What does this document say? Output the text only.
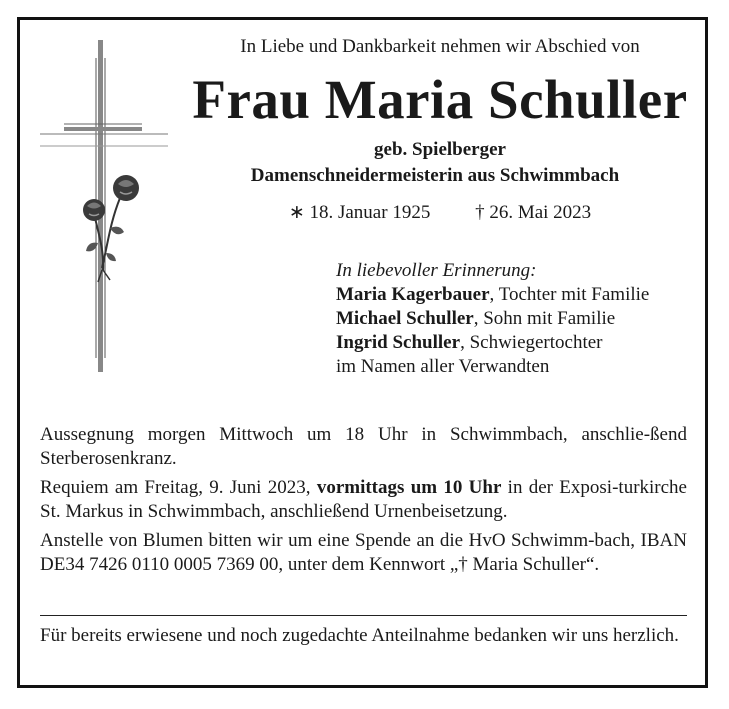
In Liebe und Dankbarkeit nehmen wir Abschied von
Frau Maria Schuller
geb. Spielberger
Damenschneidermeisterin aus Schwimmbach
∗ 18. Januar 1925 † 26. Mai 2023
In liebevoller Erinnerung:
Maria Kagerbauer, Tochter mit Familie
Michael Schuller, Sohn mit Familie
Ingrid Schuller, Schwiegertochter
im Namen aller Verwandten

Aussegnung morgen Mittwoch um 18 Uhr in Schwimmbach, anschlie-ßend Sterberosenkranz.

Requiem am Freitag, 9. Juni 2023, vormittags um 10 Uhr in der Exposi-turkirche St. Markus in Schwimmbach, anschließend Urnenbeisetzung.

Anstelle von Blumen bitten wir um eine Spende an die HvO Schwimm-bach, IBAN DE34 7426 0110 0005 7369 00, unter dem Kennwort „† Maria Schuller“.

Für bereits erwiesene und noch zugedachte Anteilnahme bedanken wir uns herzlich.
